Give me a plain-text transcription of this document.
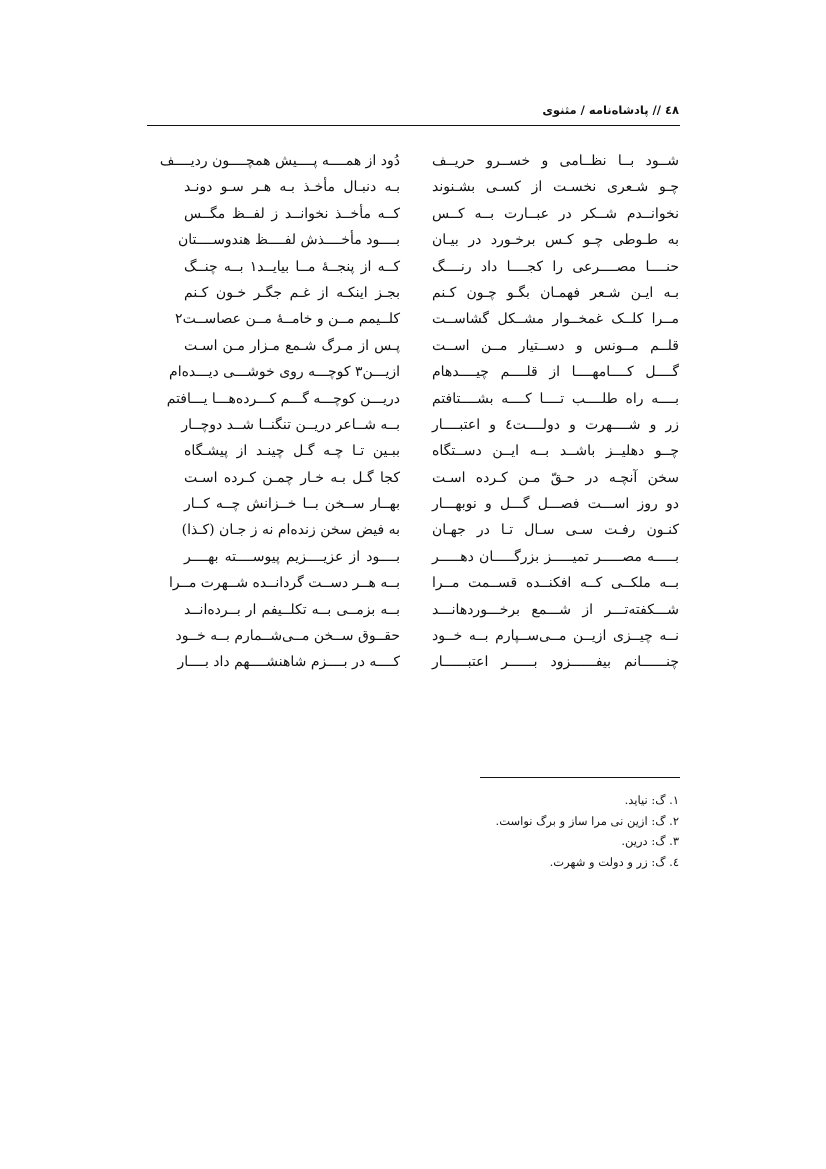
٤٨ // پادشاه‌نامه / مثنوی
شــود بــا نظــامی و خســرو حریــف
چـو شـعری نخسـت از کسـی بشـنوند
نخوانــدم شــکر در عبــارت بــه کــس
به طـوطی چـو کـس برخـورد در بیـان
حنــــا مصــــرعی را کجــــا داد رنــــگ
بـه ایـن شـعر فهمـان بگـو چـون کـنم
مــرا کلــک غمخــوار مشــکل گشاســت
قلــم مــونس و دســتیار مــن اســت
گــــل کــــامهــــا از قلــــم چیــــدهام
بــــه راه طلــــب تــــا کــــه بشــــتافتم
زر و شــــهرت و دولــــت٤ و اعتبــــار
چــو دهلیــز باشــد بــه ایــن دســتگاه
سخن آنچـه در حـقّ مـن کـرده اسـت
دو روز اســـت فصـــل گـــل و نوبهـــار
کنـون رفـت سـی سـال تـا در جهـان
بـــــه مصـــــر تمیـــــز بزرگـــــان دهـــــر
بــه ملکــی کــه افکنــده قســمت مــرا
شـــکفته‌تـــر از شـــمع برخـــوردهانـــد
نــه چیــزی ازیــن مــی‌ســپارم بــه خــود
چنــــــانم بیفــــــزود بــــــر اعتبــــــار
دُود از همــــه پــــیش همچــــون ردیــــف
بـه دنبـال مأخـذ بـه هـر سـو دونـد
کــه مأخــذ نخوانــد ز لفــظ مگــس
بــــود مأخــــذش لفــــظ هندوســــتان
کــه از پنجــهٔ مــا بیایــد١ بــه چنــگ
بجـز اینکـه از غـم جگـر خـون کـنم
کلــیمم مــن و خامــهٔ مــن عصاســت٢
پـس از مـرگ شـمع مـزار مـن اسـت
ازیـــن٣ کوچـــه روی خوشـــی دیـــده‌ام
دریـــن کوچـــه گـــم کـــرده‌هـــا یـــافتم
بــه شــاعر دریــن تنگنــا شــد دوچــار
ببـین تـا چـه گـل چینـد از پیشـگاه
کجا گـل بـه خـار چمـن کـرده اسـت
بهــار ســخن بــا خــزانش چــه کــار
به فیض سخن زنده‌ام نه ز جـان (کـذا)
بــــود از عزیــــزیم پیوســــته بهــــر
بــه هــر دســت گردانــده شــهرت مــرا
بــه بزمــی بــه تکلــیفم ار بــرده‌انــد
حقــوق ســخن مــی‌شــمارم بــه خــود
کــــه در بــــزم شاهنشــــهم داد بــــار
١. گ: نیاید.
٢. گ: ازین نی مرا ساز و برگ نواست.
٣. گ: درین.
٤. گ: زر و دولت و شهرت.
